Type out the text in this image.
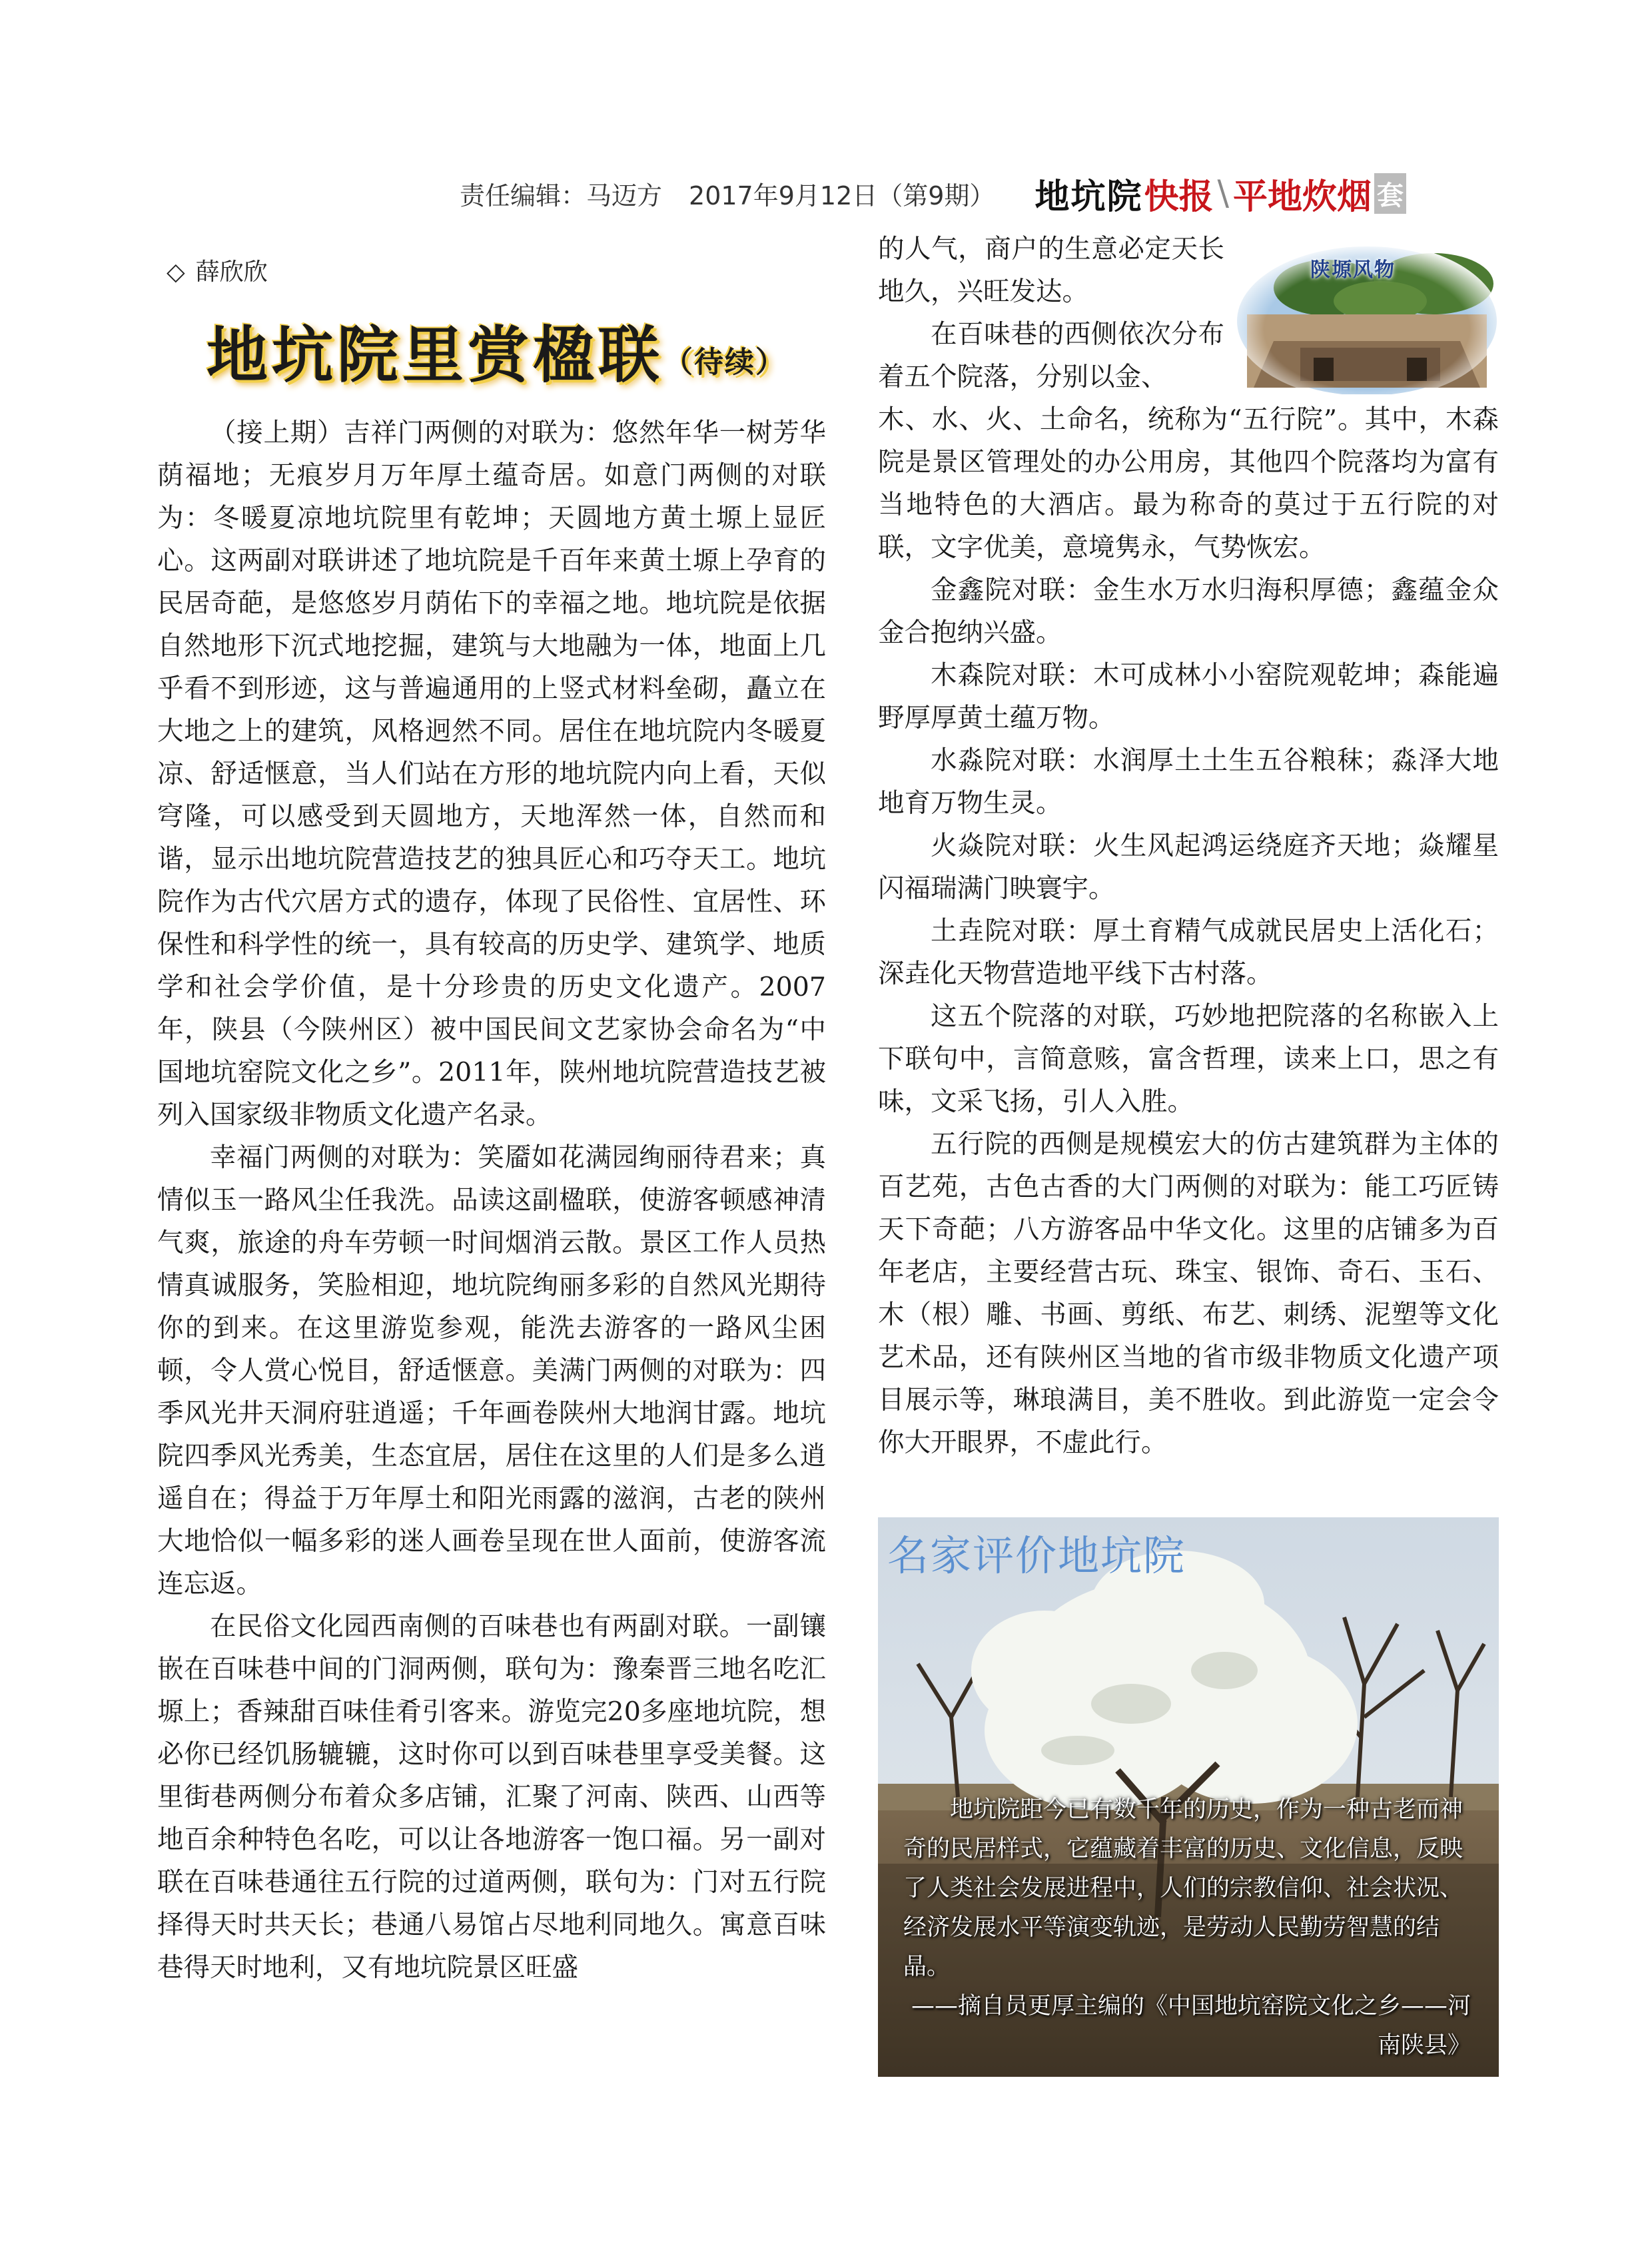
责任编辑：马迈方 2017年9月12日（第9期）	地坑院 快报 \ 平地炊烟 套
◇ 薛欣欣
地坑院里赏楹联（待续）

（接上期）吉祥门两侧的对联为：悠然年华一树芳华荫福地；无痕岁月万年厚土蕴奇居。如意门两侧的对联为：冬暖夏凉地坑院里有乾坤；天圆地方黄土塬上显匠心。这两副对联讲述了地坑院是千百年来黄土塬上孕育的民居奇葩，是悠悠岁月荫佑下的幸福之地。地坑院是依据自然地形下沉式地挖掘，建筑与大地融为一体，地面上几乎看不到形迹，这与普遍通用的上竖式材料垒砌，矗立在大地之上的建筑，风格迥然不同。居住在地坑院内冬暖夏凉、舒适惬意，当人们站在方形的地坑院内向上看，天似穹隆，可以感受到天圆地方，天地浑然一体，自然而和谐，显示出地坑院营造技艺的独具匠心和巧夺天工。地坑院作为古代穴居方式的遗存，体现了民俗性、宜居性、环保性和科学性的统一，具有较高的历史学、建筑学、地质学和社会学价值，是十分珍贵的历史文化遗产。2007年，陕县（今陕州区）被中国民间文艺家协会命名为“中国地坑窑院文化之乡”。2011年，陕州地坑院营造技艺被列入国家级非物质文化遗产名录。

幸福门两侧的对联为：笑靥如花满园绚丽待君来；真情似玉一路风尘任我洗。品读这副楹联，使游客顿感神清气爽，旅途的舟车劳顿一时间烟消云散。景区工作人员热情真诚服务，笑脸相迎，地坑院绚丽多彩的自然风光期待你的到来。在这里游览参观，能洗去游客的一路风尘困顿，令人赏心悦目，舒适惬意。美满门两侧的对联为：四季风光井天洞府驻逍遥；千年画卷陕州大地润甘露。地坑院四季风光秀美，生态宜居，居住在这里的人们是多么逍遥自在；得益于万年厚土和阳光雨露的滋润，古老的陕州大地恰似一幅多彩的迷人画卷呈现在世人面前，使游客流连忘返。

在民俗文化园西南侧的百味巷也有两副对联。一副镶嵌在百味巷中间的门洞两侧，联句为：豫秦晋三地名吃汇塬上；香辣甜百味佳肴引客来。游览完20多座地坑院，想必你已经饥肠辘辘，这时你可以到百味巷里享受美餐。这里街巷两侧分布着众多店铺，汇聚了河南、陕西、山西等地百余种特色名吃，可以让各地游客一饱口福。另一副对联在百味巷通往五行院的过道两侧，联句为：门对五行院择得天时共天长；巷通八易馆占尽地利同地久。寓意百味巷得天时地利，又有地坑院景区旺盛

的人气，商户的生意必定天长地久，兴旺发达。

在百味巷的西侧依次分布着五个院落，分别以金、

陕塬风物

木、水、火、土命名，统称为“五行院”。其中，木森院是景区管理处的办公用房，其他四个院落均为富有当地特色的大酒店。最为称奇的莫过于五行院的对联，文字优美，意境隽永，气势恢宏。

金鑫院对联：金生水万水归海积厚德；鑫蕴金众金合抱纳兴盛。

木森院对联：木可成林小小窑院观乾坤；森能遍野厚厚黄土蕴万物。

水淼院对联：水润厚土土生五谷粮秣；淼泽大地地育万物生灵。

火焱院对联：火生风起鸿运绕庭齐天地；焱耀星闪福瑞满门映寰宇。

土垚院对联：厚土育精气成就民居史上活化石；深垚化天物营造地平线下古村落。

这五个院落的对联，巧妙地把院落的名称嵌入上下联句中，言简意赅，富含哲理，读来上口，思之有味，文采飞扬，引人入胜。

五行院的西侧是规模宏大的仿古建筑群为主体的百艺苑，古色古香的大门两侧的对联为：能工巧匠铸天下奇葩；八方游客品中华文化。这里的店铺多为百年老店，主要经营古玩、珠宝、银饰、奇石、玉石、木（根）雕、书画、剪纸、布艺、刺绣、泥塑等文化艺术品，还有陕州区当地的省市级非物质文化遗产项目展示等，琳琅满目，美不胜收。到此游览一定会令你大开眼界，不虚此行。

名家评价地坑院

地坑院距今已有数千年的历史，作为一种古老而神奇的民居样式，它蕴藏着丰富的历史、文化信息，反映了人类社会发展进程中，人们的宗教信仰、社会状况、经济发展水平等演变轨迹，是劳动人民勤劳智慧的结晶。

——摘自员更厚主编的《中国地坑窑院文化之乡——河南陕县》
